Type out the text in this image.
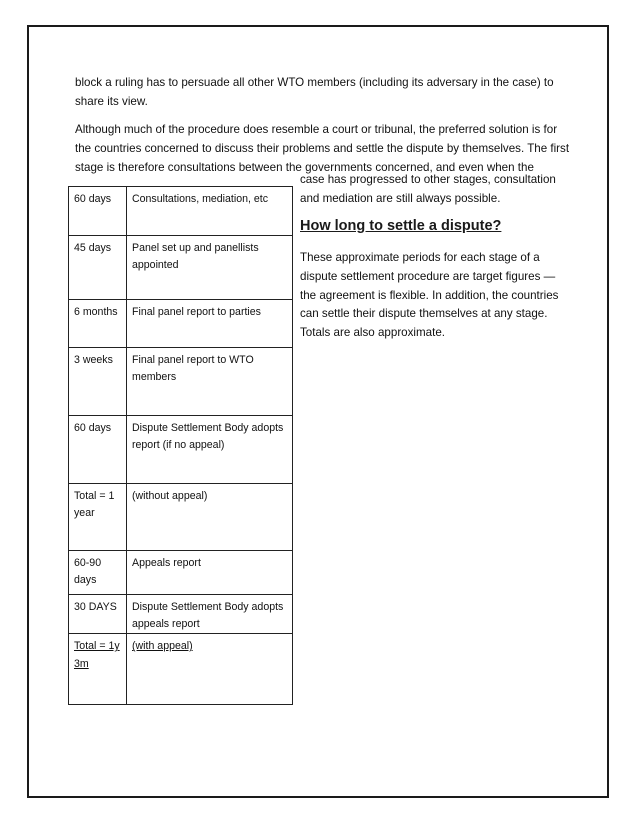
block a ruling has to persuade all other WTO members (including its adversary in the case) to share its view.

Although much of the procedure does resemble a court or tribunal, the preferred solution is for the countries concerned to discuss their problems and settle the dispute by themselves. The first stage is therefore consultations between the governments concerned, and even when the

case has progressed to other stages, consultation and mediation are still always possible.

How long to settle a dispute?

These approximate periods for each stage of a dispute settlement procedure are target figures — the agreement is flexible. In addition, the countries can settle their dispute themselves at any stage. Totals are also approximate.

60 days	Consultations, mediation, etc
45 days	Panel set up and panellists appointed
6 months	Final panel report to parties
3 weeks	Final panel report to WTO members
60 days	Dispute Settlement Body adopts report (if no appeal)
Total = 1 year	(without appeal)
60-90 days	Appeals report
30 DAYS	Dispute Settlement Body adopts appeals report
Total = 1y 3m	(with appeal)
